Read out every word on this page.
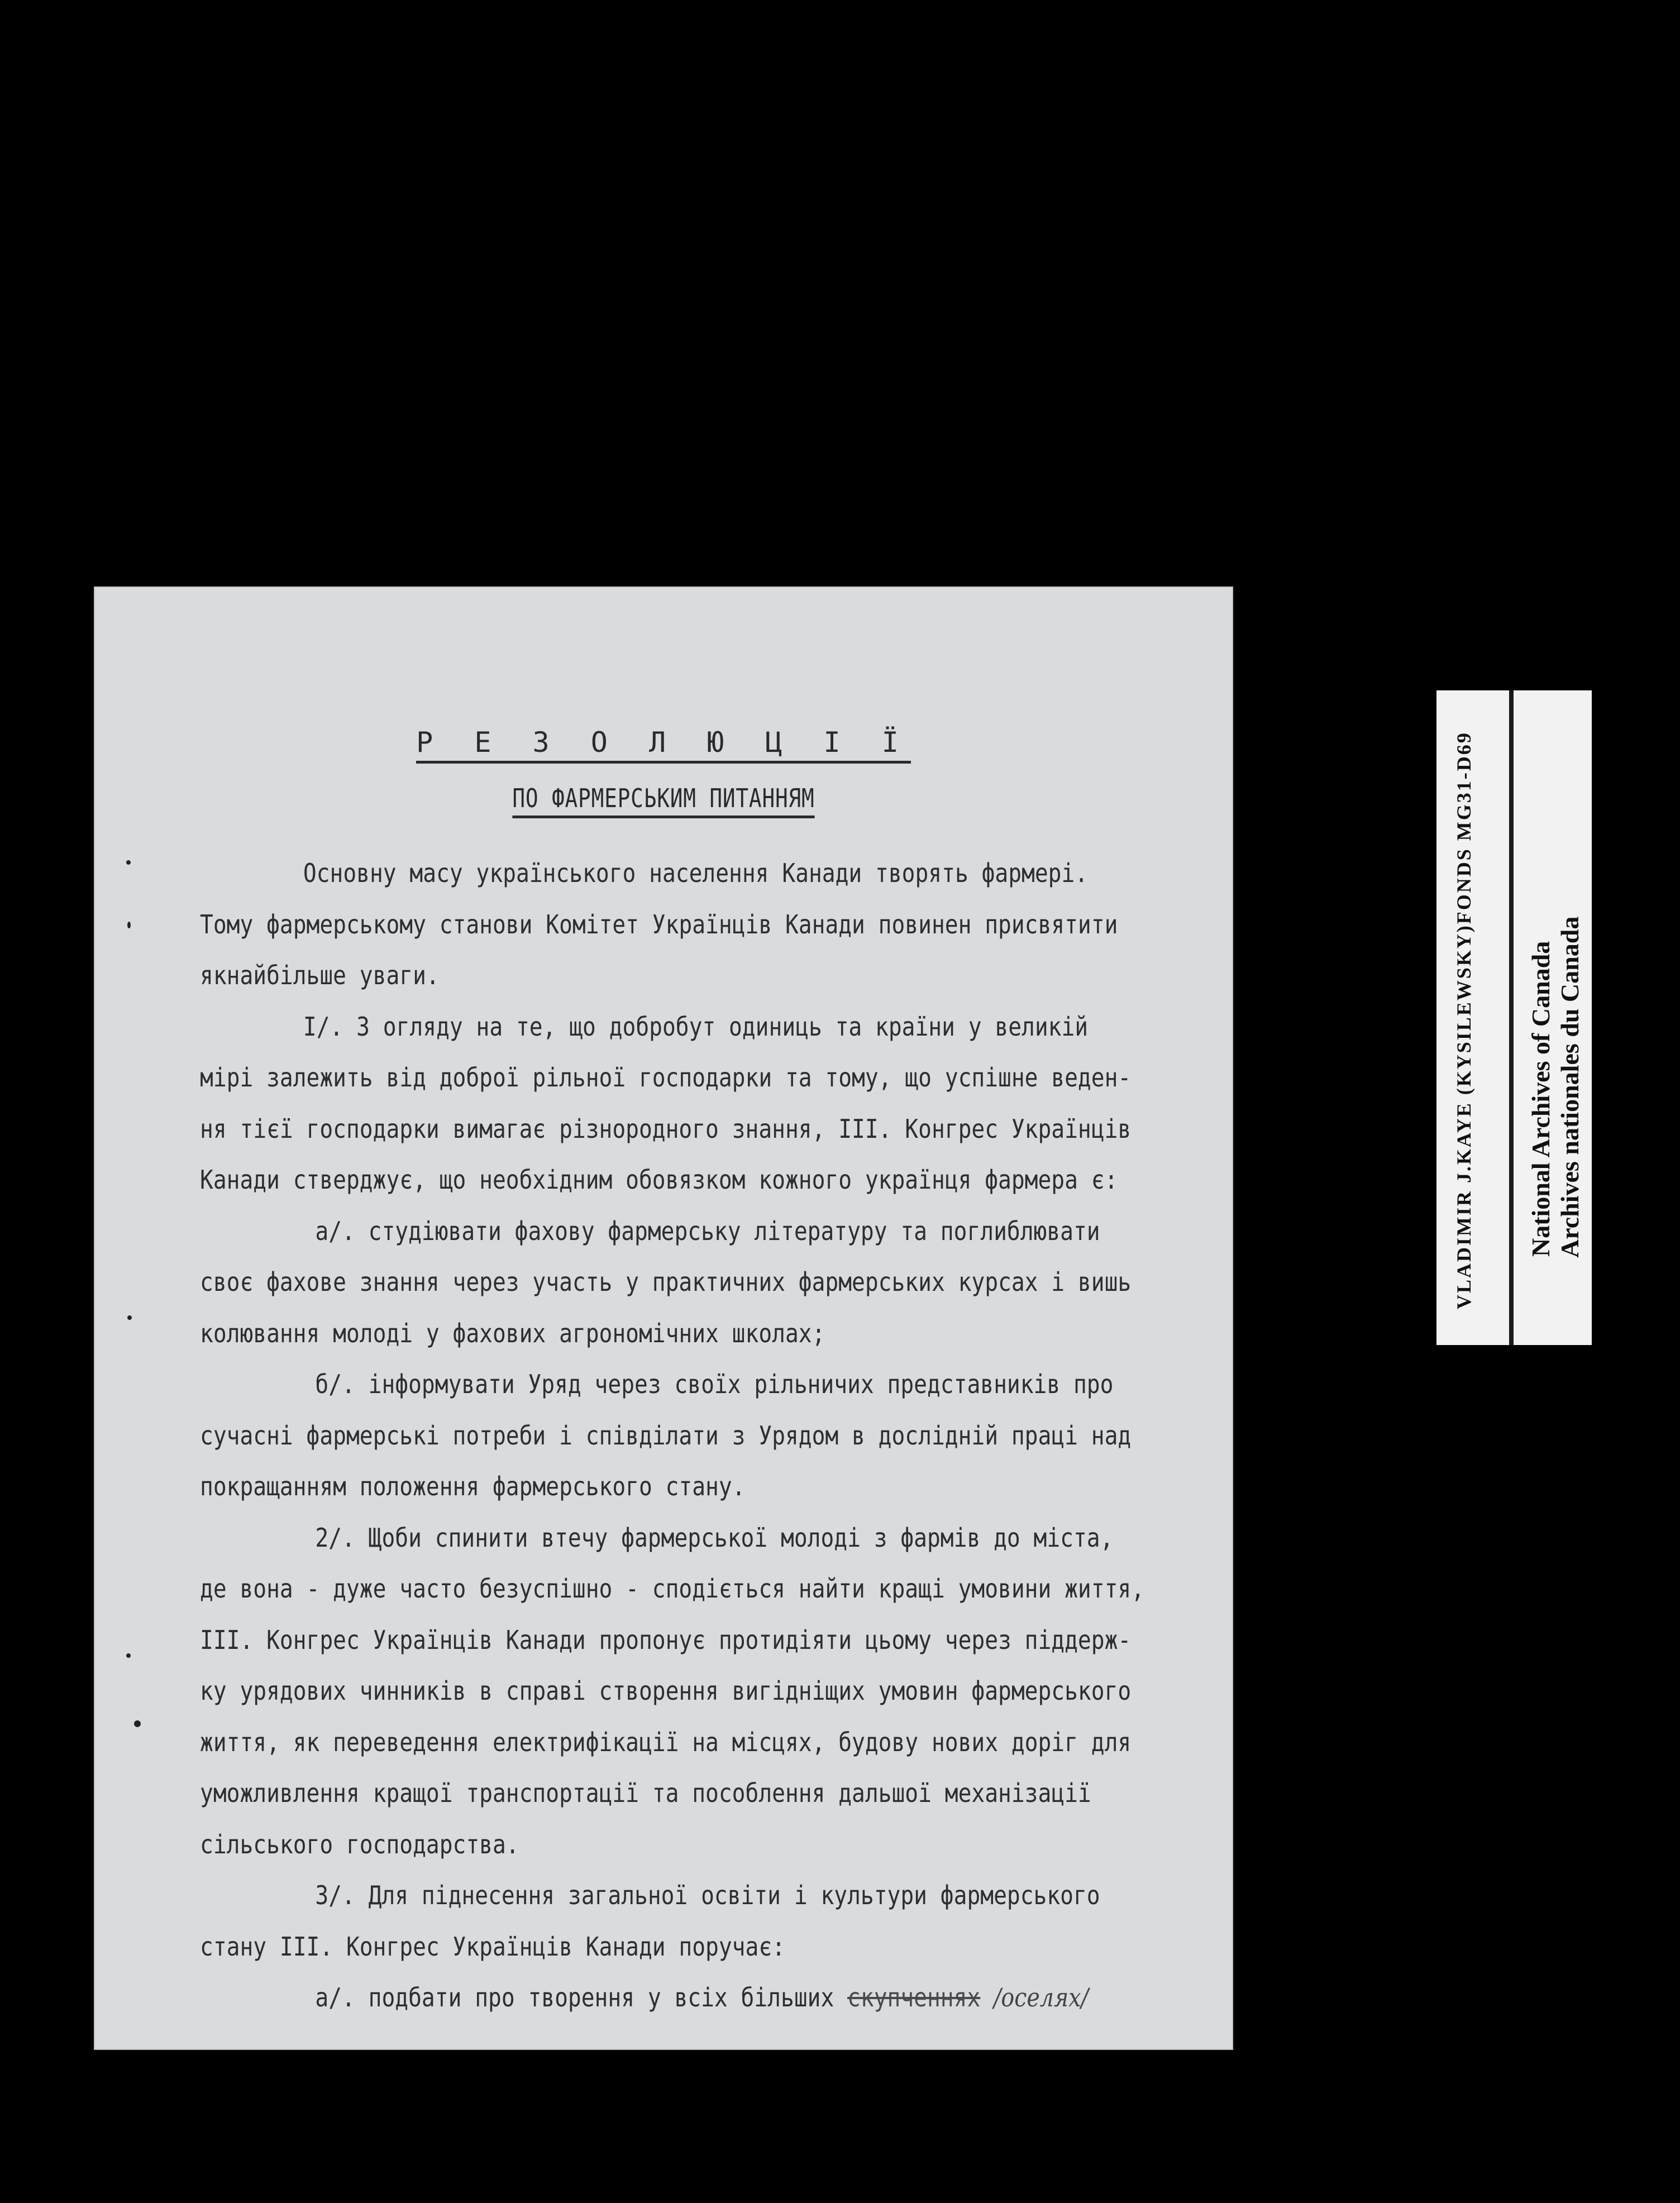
Р Е З О Л Ю Ц І Ї
ПО ФАРМЕРСЬКИМ ПИТАННЯМ
Основну масу українського населення Канади творять фармері.
Тому фармерському станови Комітет Українців Канади повинен присвятити
якнайбільше уваги.
I/. З огляду на те, що добробут одиниць та країни у великій
мірі залежить від доброї рільної господарки та тому, що успішне веден-
ня тієї господарки вимагає різнородного знання, III. Конгрес Українців
Канади стверджує, що необхідним обовязком кожного українця фармера є:
а/. студіювати фахову фармерську літературу та поглиблювати
своє фахове знання через участь у практичних фармерських курсах і вишь
колювання молоді у фахових агрономічних школах;
б/. інформувати Уряд через своїх рільничих представників про
сучасні фармерські потреби і співділати з Урядом в дослідній праці над
покращанням положення фармерського стану.
2/. Щоби спинити втечу фармерської молоді з фармів до міста,
де вона - дуже часто безуспішно - сподіється найти кращі умовини життя,
III. Конгрес Українців Канади пропонує протидіяти цьому через піддерж-
ку урядових чинників в справі створення вигідніщих умовин фармерського
життя, як переведення електрифікації на місцях, будову нових доріг для
уможливлення кращої транспортації та пособлення дальшої механізації
сільського господарства.
3/. Для піднесення загальної освіти і культури фармерського
стану III. Конгрес Українців Канади поручає:
а/. подбати про творення у всіх більших скупченнях /оселях/
VLADIMIR J.KAYE (KYSILEWSKY)FONDS MG31-D69 National Archives of Canada Archives nationales du Canada
